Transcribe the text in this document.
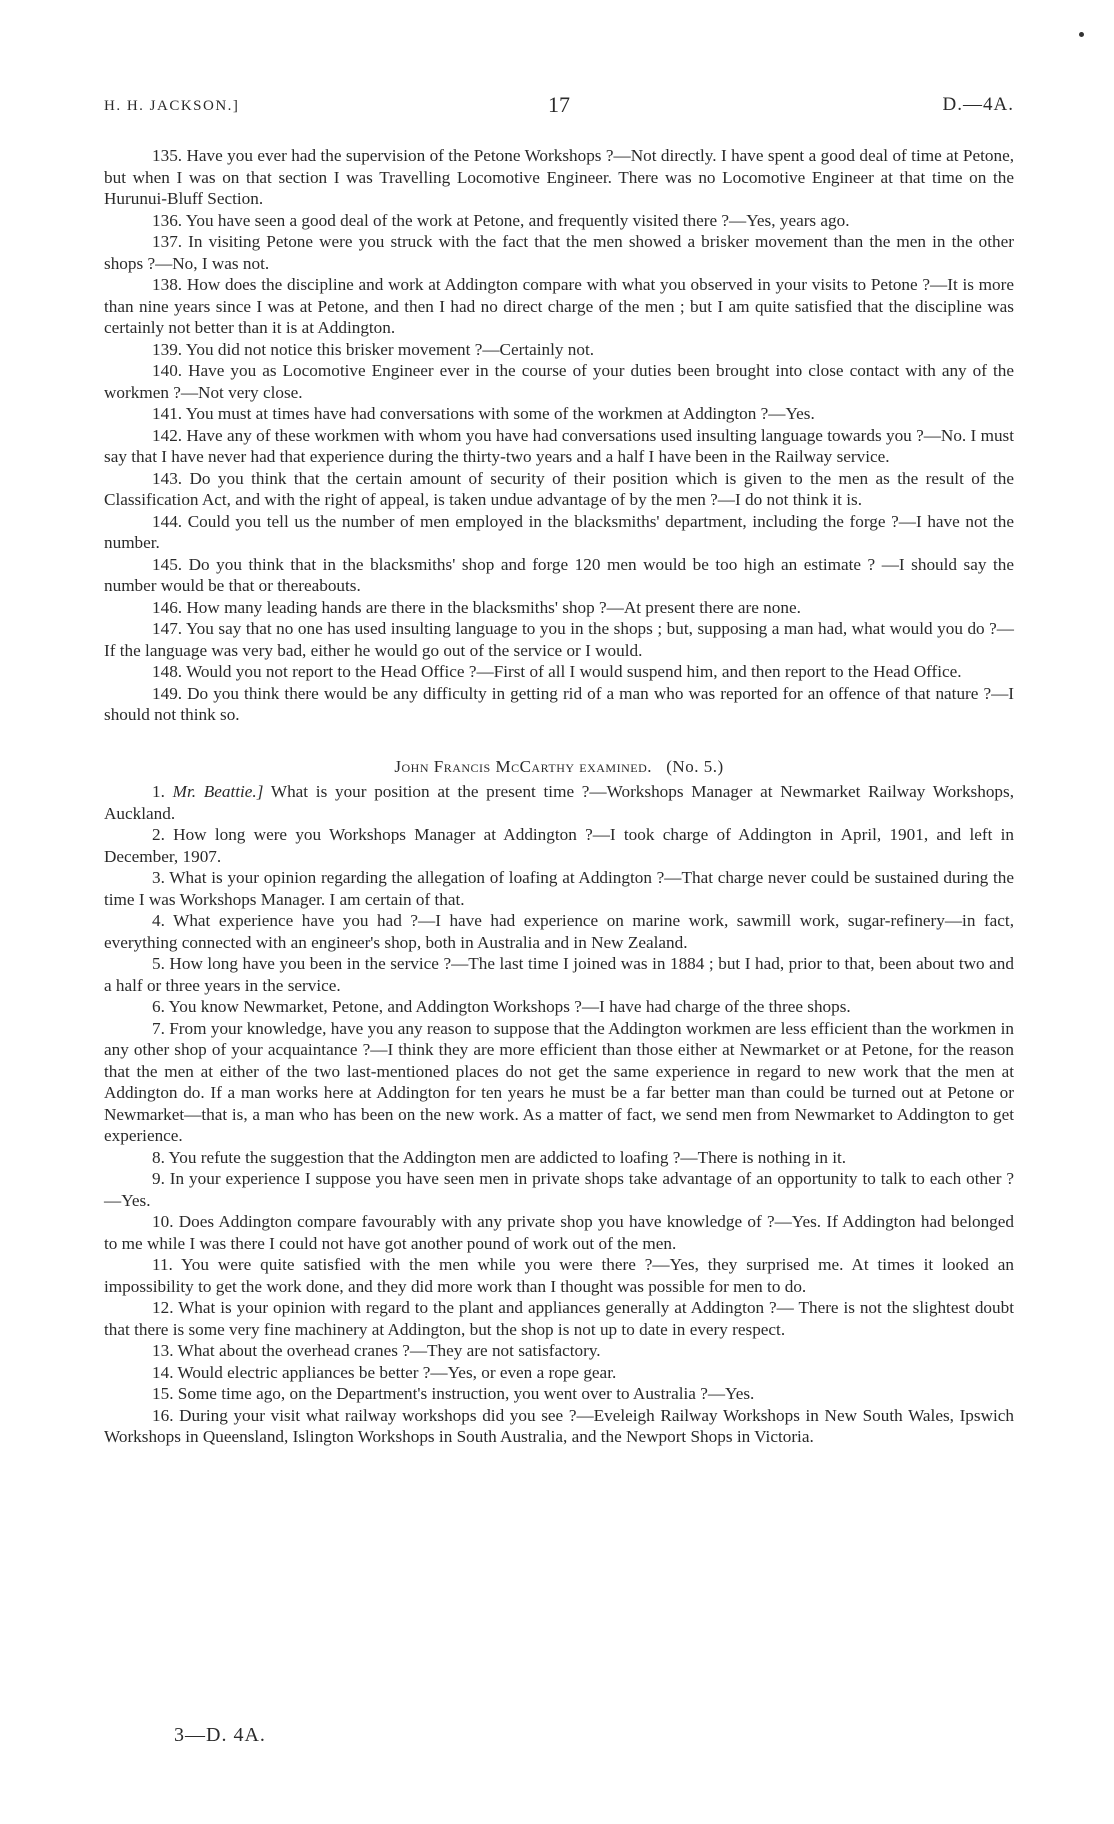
H. H. JACKSON.]	17	D.—4A.

135. Have you ever had the supervision of the Petone Workshops ?—Not directly. I have spent a good deal of time at Petone, but when I was on that section I was Travelling Locomotive Engineer. There was no Locomotive Engineer at that time on the Hurunui-Bluff Section.

136. You have seen a good deal of the work at Petone, and frequently visited there ?—Yes, years ago.

137. In visiting Petone were you struck with the fact that the men showed a brisker movement than the men in the other shops ?—No, I was not.

138. How does the discipline and work at Addington compare with what you observed in your visits to Petone ?—It is more than nine years since I was at Petone, and then I had no direct charge of the men ; but I am quite satisfied that the discipline was certainly not better than it is at Addington.

139. You did not notice this brisker movement ?—Certainly not.

140. Have you as Locomotive Engineer ever in the course of your duties been brought into close contact with any of the workmen ?—Not very close.

141. You must at times have had conversations with some of the workmen at Addington ?—Yes.

142. Have any of these workmen with whom you have had conversations used insulting language towards you ?—No. I must say that I have never had that experience during the thirty-two years and a half I have been in the Railway service.

143. Do you think that the certain amount of security of their position which is given to the men as the result of the Classification Act, and with the right of appeal, is taken undue advantage of by the men ?—I do not think it is.

144. Could you tell us the number of men employed in the blacksmiths' department, including the forge ?—I have not the number.

145. Do you think that in the blacksmiths' shop and forge 120 men would be too high an estimate ? —I should say the number would be that or thereabouts.

146. How many leading hands are there in the blacksmiths' shop ?—At present there are none.

147. You say that no one has used insulting language to you in the shops ; but, supposing a man had, what would you do ?—If the language was very bad, either he would go out of the service or I would.

148. Would you not report to the Head Office ?—First of all I would suspend him, and then report to the Head Office.

149. Do you think there would be any difficulty in getting rid of a man who was reported for an offence of that nature ?—I should not think so.

John Francis McCarthy examined. (No. 5.)

1. Mr. Beattie.] What is your position at the present time ?—Workshops Manager at Newmarket Railway Workshops, Auckland.

2. How long were you Workshops Manager at Addington ?—I took charge of Addington in April, 1901, and left in December, 1907.

3. What is your opinion regarding the allegation of loafing at Addington ?—That charge never could be sustained during the time I was Workshops Manager. I am certain of that.

4. What experience have you had ?—I have had experience on marine work, sawmill work, sugar-refinery—in fact, everything connected with an engineer's shop, both in Australia and in New Zealand.

5. How long have you been in the service ?—The last time I joined was in 1884 ; but I had, prior to that, been about two and a half or three years in the service.

6. You know Newmarket, Petone, and Addington Workshops ?—I have had charge of the three shops.

7. From your knowledge, have you any reason to suppose that the Addington workmen are less efficient than the workmen in any other shop of your acquaintance ?—I think they are more efficient than those either at Newmarket or at Petone, for the reason that the men at either of the two last-mentioned places do not get the same experience in regard to new work that the men at Addington do. If a man works here at Addington for ten years he must be a far better man than could be turned out at Petone or Newmarket—that is, a man who has been on the new work. As a matter of fact, we send men from Newmarket to Addington to get experience.

8. You refute the suggestion that the Addington men are addicted to loafing ?—There is nothing in it.

9. In your experience I suppose you have seen men in private shops take advantage of an opportunity to talk to each other ?—Yes.

10. Does Addington compare favourably with any private shop you have knowledge of ?—Yes. If Addington had belonged to me while I was there I could not have got another pound of work out of the men.

11. You were quite satisfied with the men while you were there ?—Yes, they surprised me. At times it looked an impossibility to get the work done, and they did more work than I thought was possible for men to do.

12. What is your opinion with regard to the plant and appliances generally at Addington ?— There is not the slightest doubt that there is some very fine machinery at Addington, but the shop is not up to date in every respect.

13. What about the overhead cranes ?—They are not satisfactory.

14. Would electric appliances be better ?—Yes, or even a rope gear.

15. Some time ago, on the Department's instruction, you went over to Australia ?—Yes.

16. During your visit what railway workshops did you see ?—Eveleigh Railway Workshops in New South Wales, Ipswich Workshops in Queensland, Islington Workshops in South Australia, and the Newport Shops in Victoria.

3—D. 4A.
